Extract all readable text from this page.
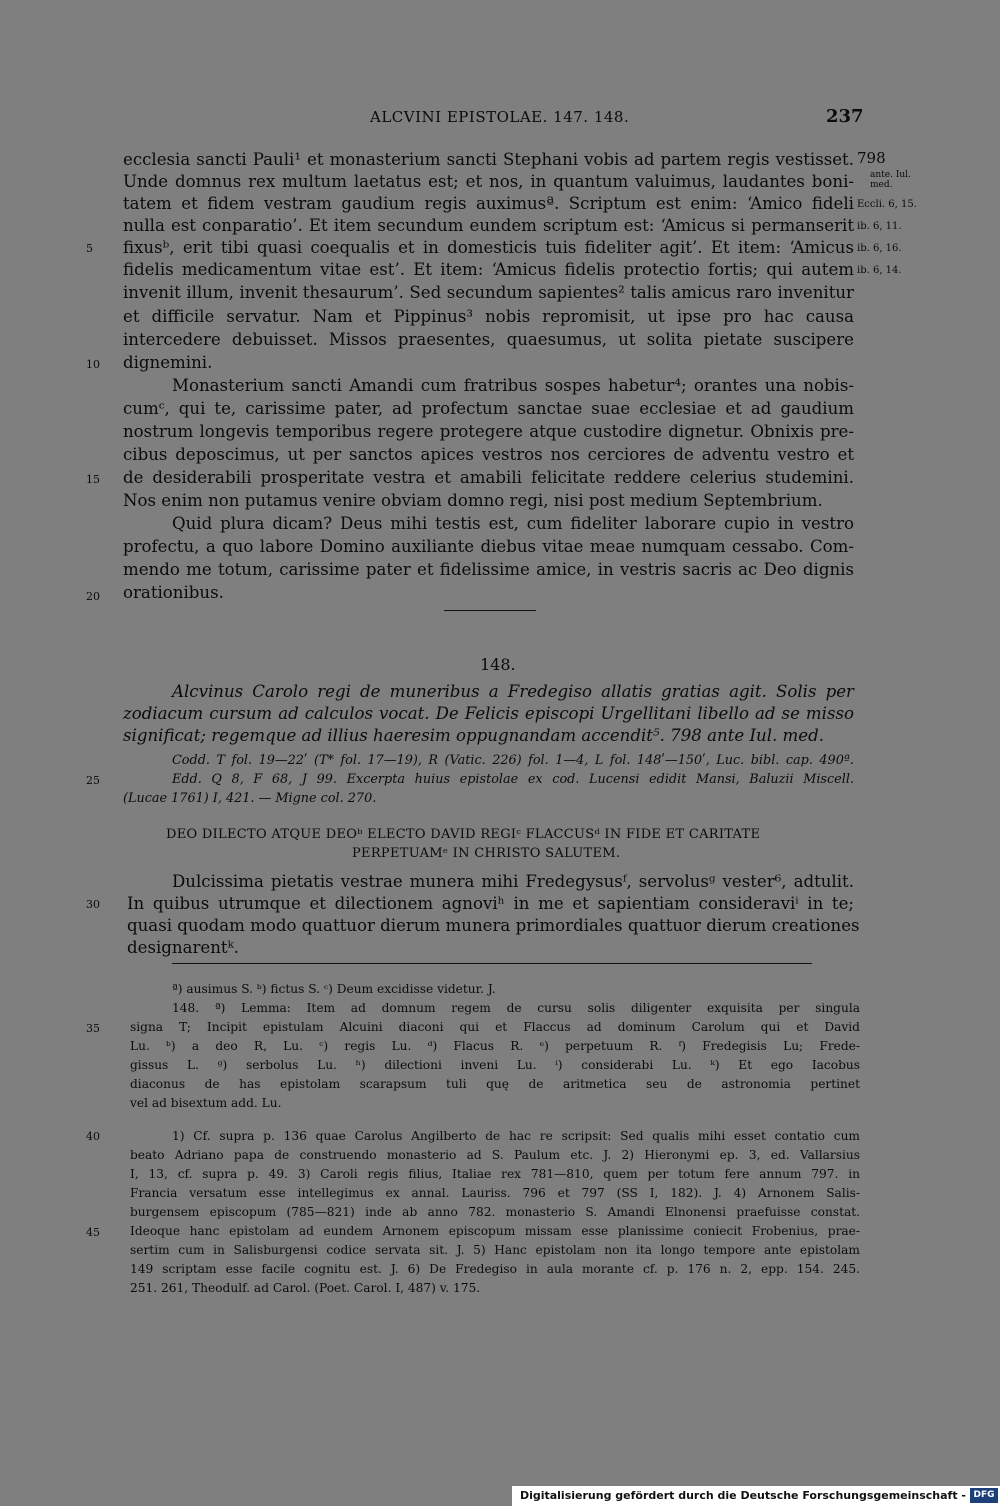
ALCVINI EPISTOLAE. 147. 148.	237
ecclesia sancti Pauli¹ et monasterium sancti Stephani vobis ad partem regis vestisset.
Unde domnus rex multum laetatus est; et nos, in quantum valuimus, laudantes boni-
tatem et fidem vestram gaudium regis auximusª. Scriptum est enim: ‘Amico fideli
nulla est conparatio’. Et item secundum eundem scriptum est: ‘Amicus si permanserit
fixusᵇ, erit tibi quasi coequalis et in domesticis tuis fideliter agit’. Et item: ‘Amicus
fidelis medicamentum vitae est’. Et item: ‘Amicus fidelis protectio fortis; qui autem
invenit illum, invenit thesaurum’. Sed secundum sapientes² talis amicus raro invenitur
et difficile servatur. Nam et Pippinus³ nobis repromisit, ut ipse pro hac causa
intercedere debuisset. Missos praesentes, quaesumus, ut solita pietate suscipere
dignemini.
Monasterium sancti Amandi cum fratribus sospes habetur⁴; orantes una nobis-
cumᶜ, qui te, carissime pater, ad profectum sanctae suae ecclesiae et ad gaudium
nostrum longevis temporibus regere protegere atque custodire dignetur. Obnixis pre-
cibus deposcimus, ut per sanctos apices vestros nos cerciores de adventu vestro et
de desiderabili prosperitate vestra et amabili felicitate reddere celerius studemini.
Nos enim non putamus venire obviam domno regi, nisi post medium Septembrium.
Quid plura dicam? Deus mihi testis est, cum fideliter laborare cupio in vestro
profectu, a quo labore Domino auxiliante diebus vitae meae numquam cessabo. Com-
mendo me totum, carissime pater et fidelissime amice, in vestris sacris ac Deo dignis
orationibus.
5
10
15
20
25
30
35
40
45
798
ante. Iul. med.
Eccli. 6, 15.
ib. 6, 11.
ib. 6, 16.
ib. 6, 14.
148.
Alcvinus Carolo regi de muneribus a Fredegiso allatis gratias agit. Solis per
zodiacum cursum ad calculos vocat. De Felicis episcopi Urgellitani libello ad se misso
significat; regemque ad illius haeresim oppugnandam accendit⁵. 798 ante Iul. med.
Codd. T fol. 19—22ʹ (T* fol. 17—19), R (Vatic. 226) fol. 1—4, L fol. 148ʹ—150ʹ, Luc. bibl. cap. 490ª.
Edd. Q 8, F 68, J 99. Excerpta huius epistolae ex cod. Lucensi edidit Mansi, Baluzii Miscell.
(Lucae 1761) I, 421. — Migne col. 270.
DEO DILECTO ATQUE DEOᵇ ELECTO DAVID REGIᶜ FLACCUSᵈ IN FIDE ET CARITATE
PERPETUAMᵉ IN CHRISTO SALUTEM.
Dulcissima pietatis vestrae munera mihi Fredegysusᶠ, servolusᵍ vester⁶, adtulit.
In quibus utrumque et dilectionem agnoviʰ in me et sapientiam consideraviⁱ in te;
quasi quodam modo quattuor dierum munera primordiales quattuor dierum creationes
designarentᵏ.
ª) ausimus S. ᵇ) fictus S. ᶜ) Deum excidisse videtur. J.
148. ª) Lemma: Item ad domnum regem de cursu solis diligenter exquisita per singula
signa T; Incipit epistulam Alcuini diaconi qui et Flaccus ad dominum Carolum qui et David
Lu. ᵇ) a deo R, Lu. ᶜ) regis Lu. ᵈ) Flacus R. ᵉ) perpetuum R. ᶠ) Fredegisis Lu; Frede-
gissus L. ᵍ) serbolus Lu. ʰ) dilectioni inveni Lu. ⁱ) considerabi Lu. ᵏ) Et ego Iacobus
diaconus de has epistolam scarapsum tuli quę de aritmetica seu de astronomia pertinet
vel ad bisextum add. Lu.
1) Cf. supra p. 136 quae Carolus Angilberto de hac re scripsit: Sed qualis mihi esset contatio cum
beato Adriano papa de construendo monasterio ad S. Paulum etc. J. 2) Hieronymi ep. 3, ed. Vallarsius
I, 13, cf. supra p. 49. 3) Caroli regis filius, Italiae rex 781—810, quem per totum fere annum 797. in
Francia versatum esse intellegimus ex annal. Lauriss. 796 et 797 (SS I, 182). J. 4) Arnonem Salis-
burgensem episcopum (785—821) inde ab anno 782. monasterio S. Amandi Elnonensi praefuisse constat.
Ideoque hanc epistolam ad eundem Arnonem episcopum missam esse planissime coniecit Frobenius, prae-
sertim cum in Salisburgensi codice servata sit. J. 5) Hanc epistolam non ita longo tempore ante epistolam
149 scriptam esse facile cognitu est. J. 6) De Fredegiso in aula morante cf. p. 176 n. 2, epp. 154. 245.
251. 261, Theodulf. ad Carol. (Poet. Carol. I, 487) v. 175.
Digitalisierung gefördert durch die Deutsche Forschungsgemeinschaft - DFG
